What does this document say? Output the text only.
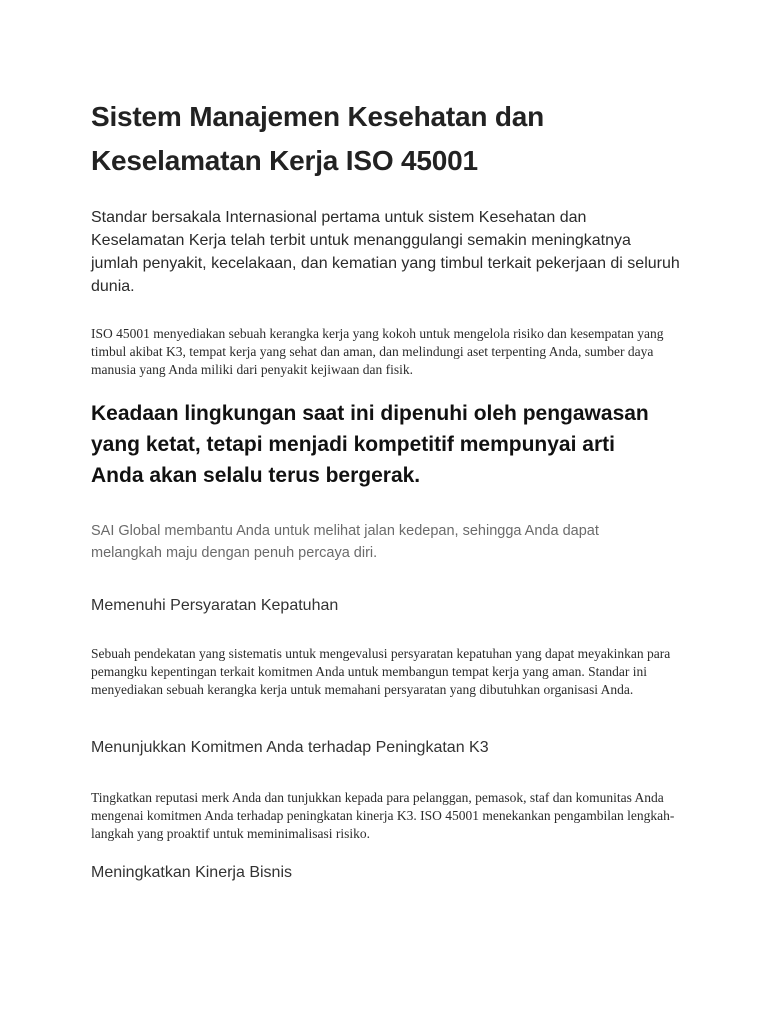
Sistem Manajemen Kesehatan dan Keselamatan Kerja ISO 45001

Standar bersakala Internasional pertama untuk sistem Kesehatan dan Keselamatan Kerja telah terbit untuk menanggulangi semakin meningkatnya jumlah penyakit, kecelakaan, dan kematian yang timbul terkait pekerjaan di seluruh dunia.

ISO 45001 menyediakan sebuah kerangka kerja yang kokoh untuk mengelola risiko dan kesempatan yang timbul akibat K3, tempat kerja yang sehat dan aman, dan melindungi aset terpenting Anda, sumber daya manusia yang Anda miliki dari penyakit kejiwaan dan fisik.

Keadaan lingkungan saat ini dipenuhi oleh pengawasan yang ketat, tetapi menjadi kompetitif mempunyai arti Anda akan selalu terus bergerak.

SAI Global membantu Anda untuk melihat jalan kedepan, sehingga Anda dapat melangkah maju dengan penuh percaya diri.

Memenuhi Persyaratan Kepatuhan

Sebuah pendekatan yang sistematis untuk mengevalusi persyaratan kepatuhan yang dapat meyakinkan para pemangku kepentingan terkait komitmen Anda untuk membangun tempat kerja yang aman. Standar ini menyediakan sebuah kerangka kerja untuk memahani persyaratan yang dibutuhkan organisasi Anda.

Menunjukkan Komitmen Anda terhadap Peningkatan K3

Tingkatkan reputasi merk Anda dan tunjukkan kepada para pelanggan, pemasok, staf dan komunitas Anda mengenai komitmen Anda terhadap peningkatan kinerja K3. ISO 45001 menekankan pengambilan lengkah-langkah yang proaktif untuk meminimalisasi risiko.

Meningkatkan Kinerja Bisnis
